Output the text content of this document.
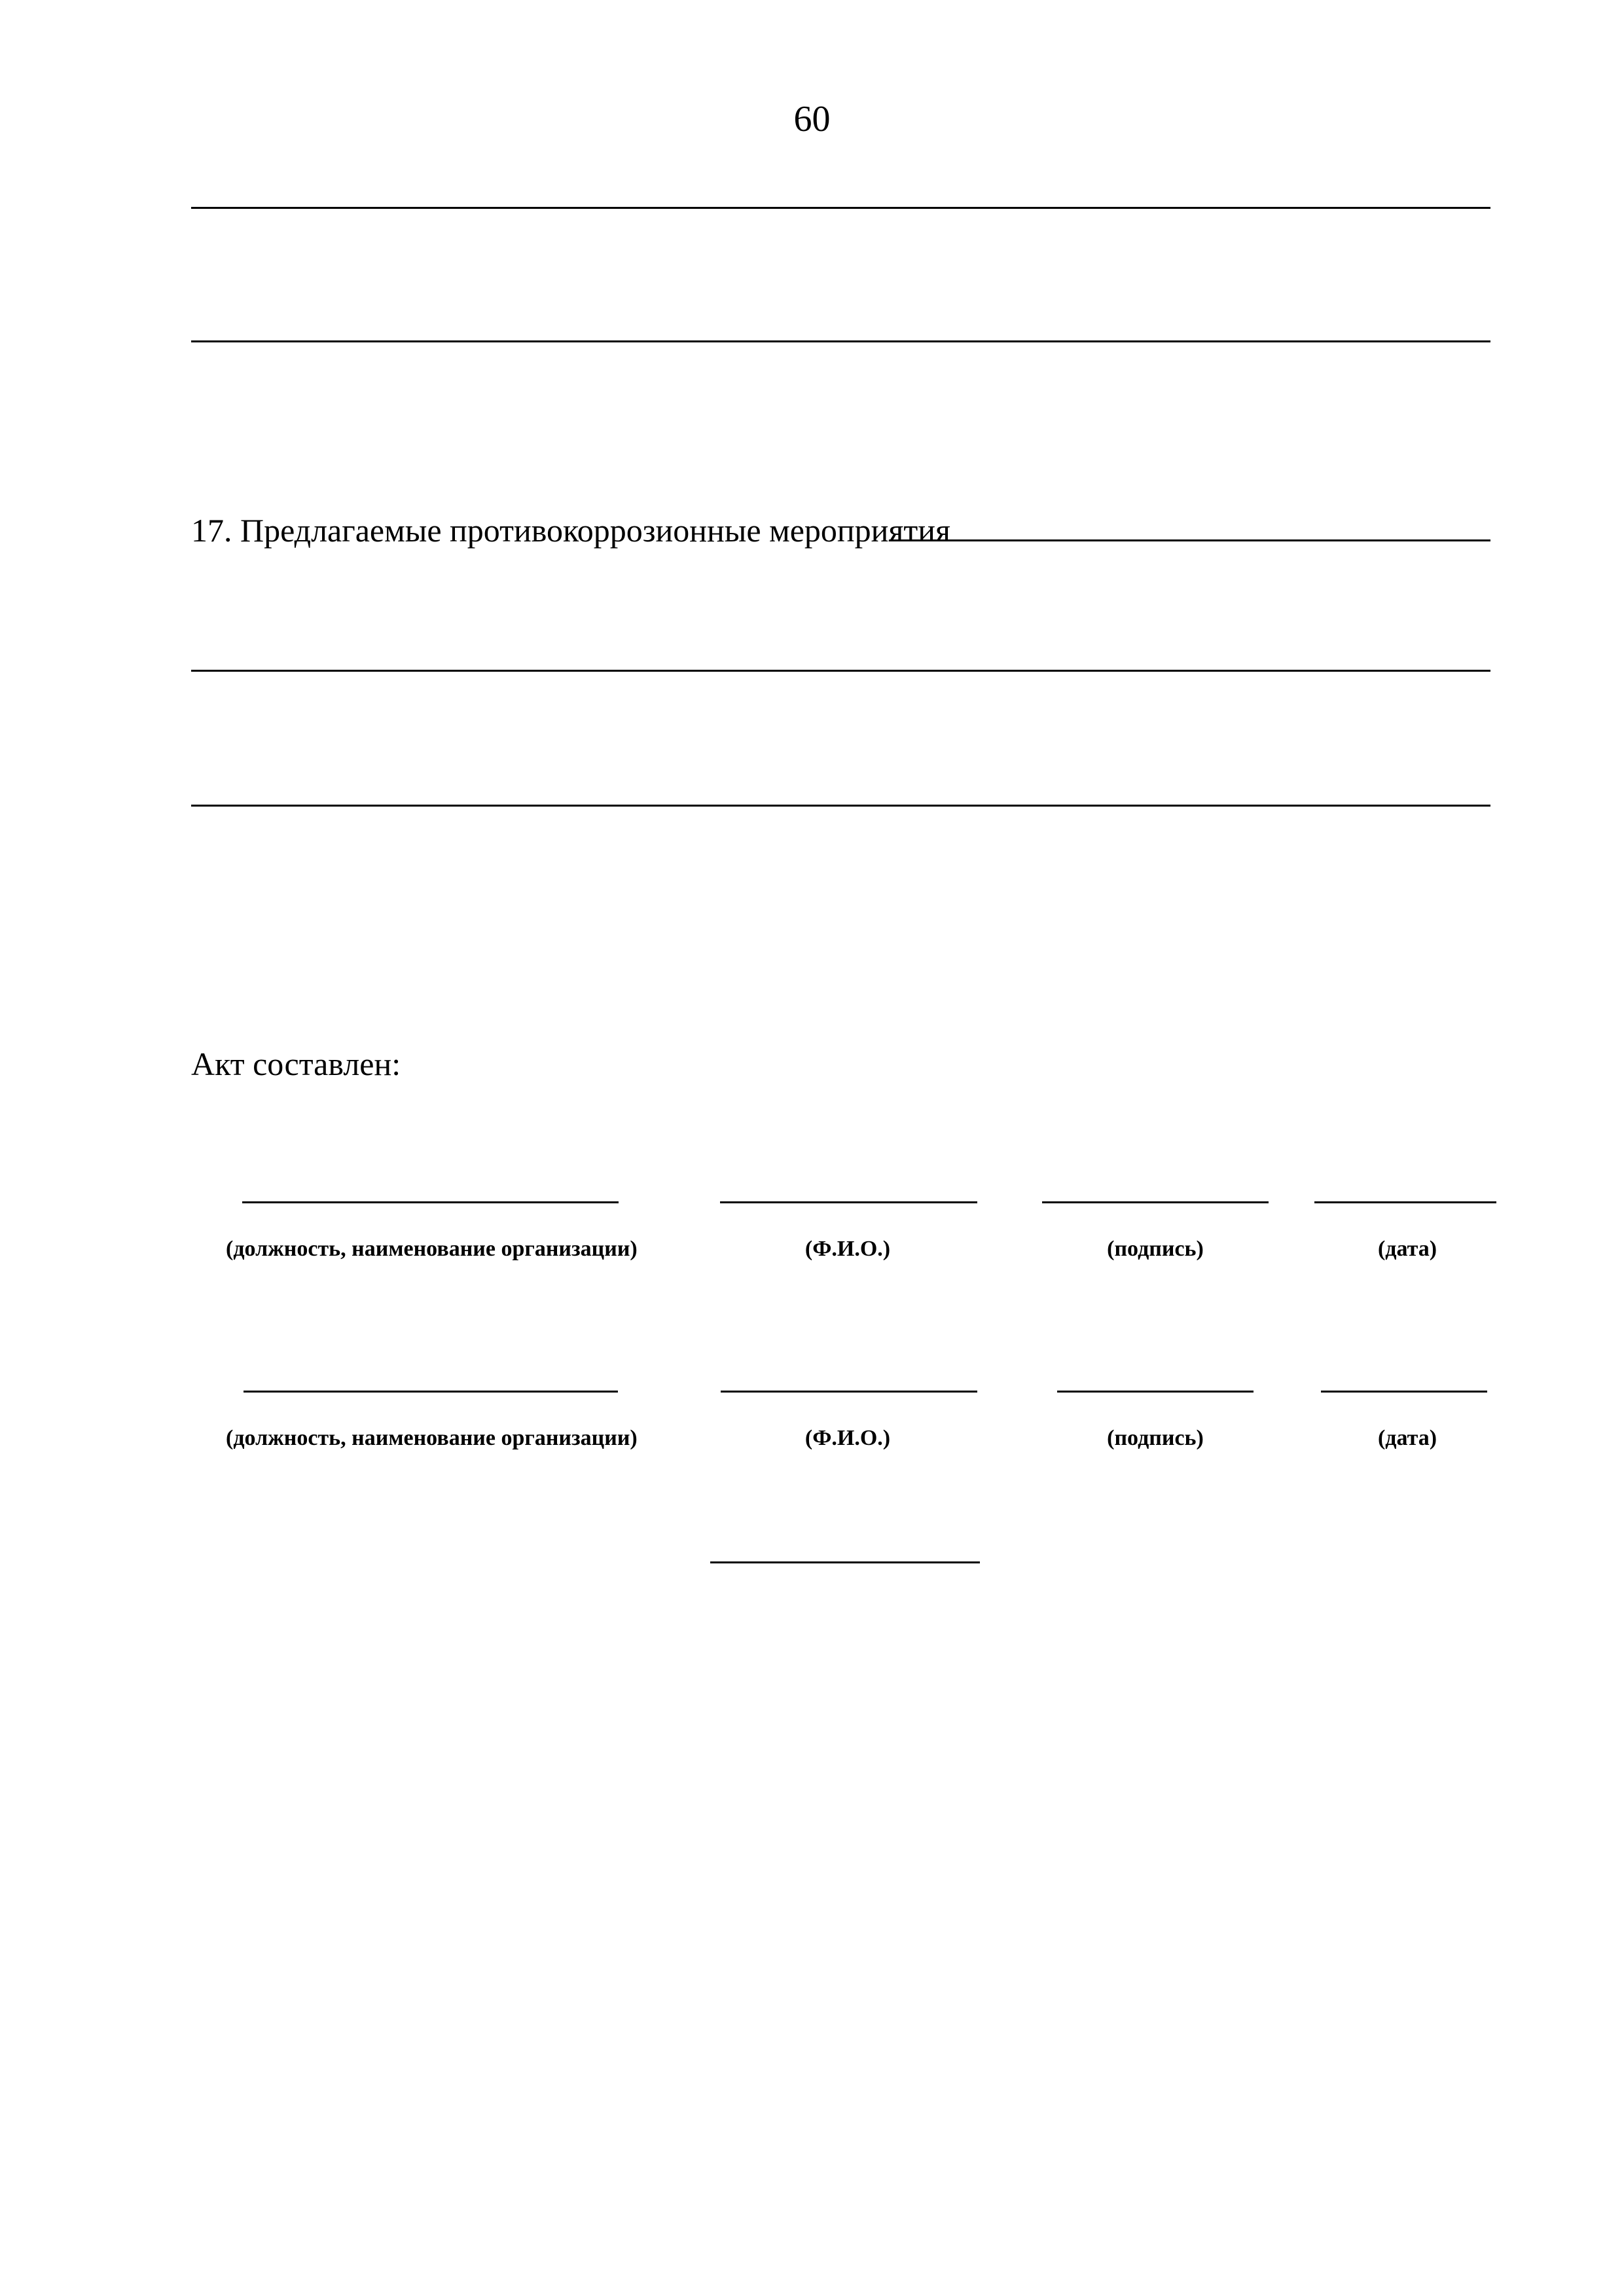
60
17. Предлагаемые противокоррозионные мероприятия
Акт составлен:
(должность, наименование организации)	(Ф.И.О.)	(подпись)	(дата)
(должность, наименование организации)	(Ф.И.О.)	(подпись)	(дата)
